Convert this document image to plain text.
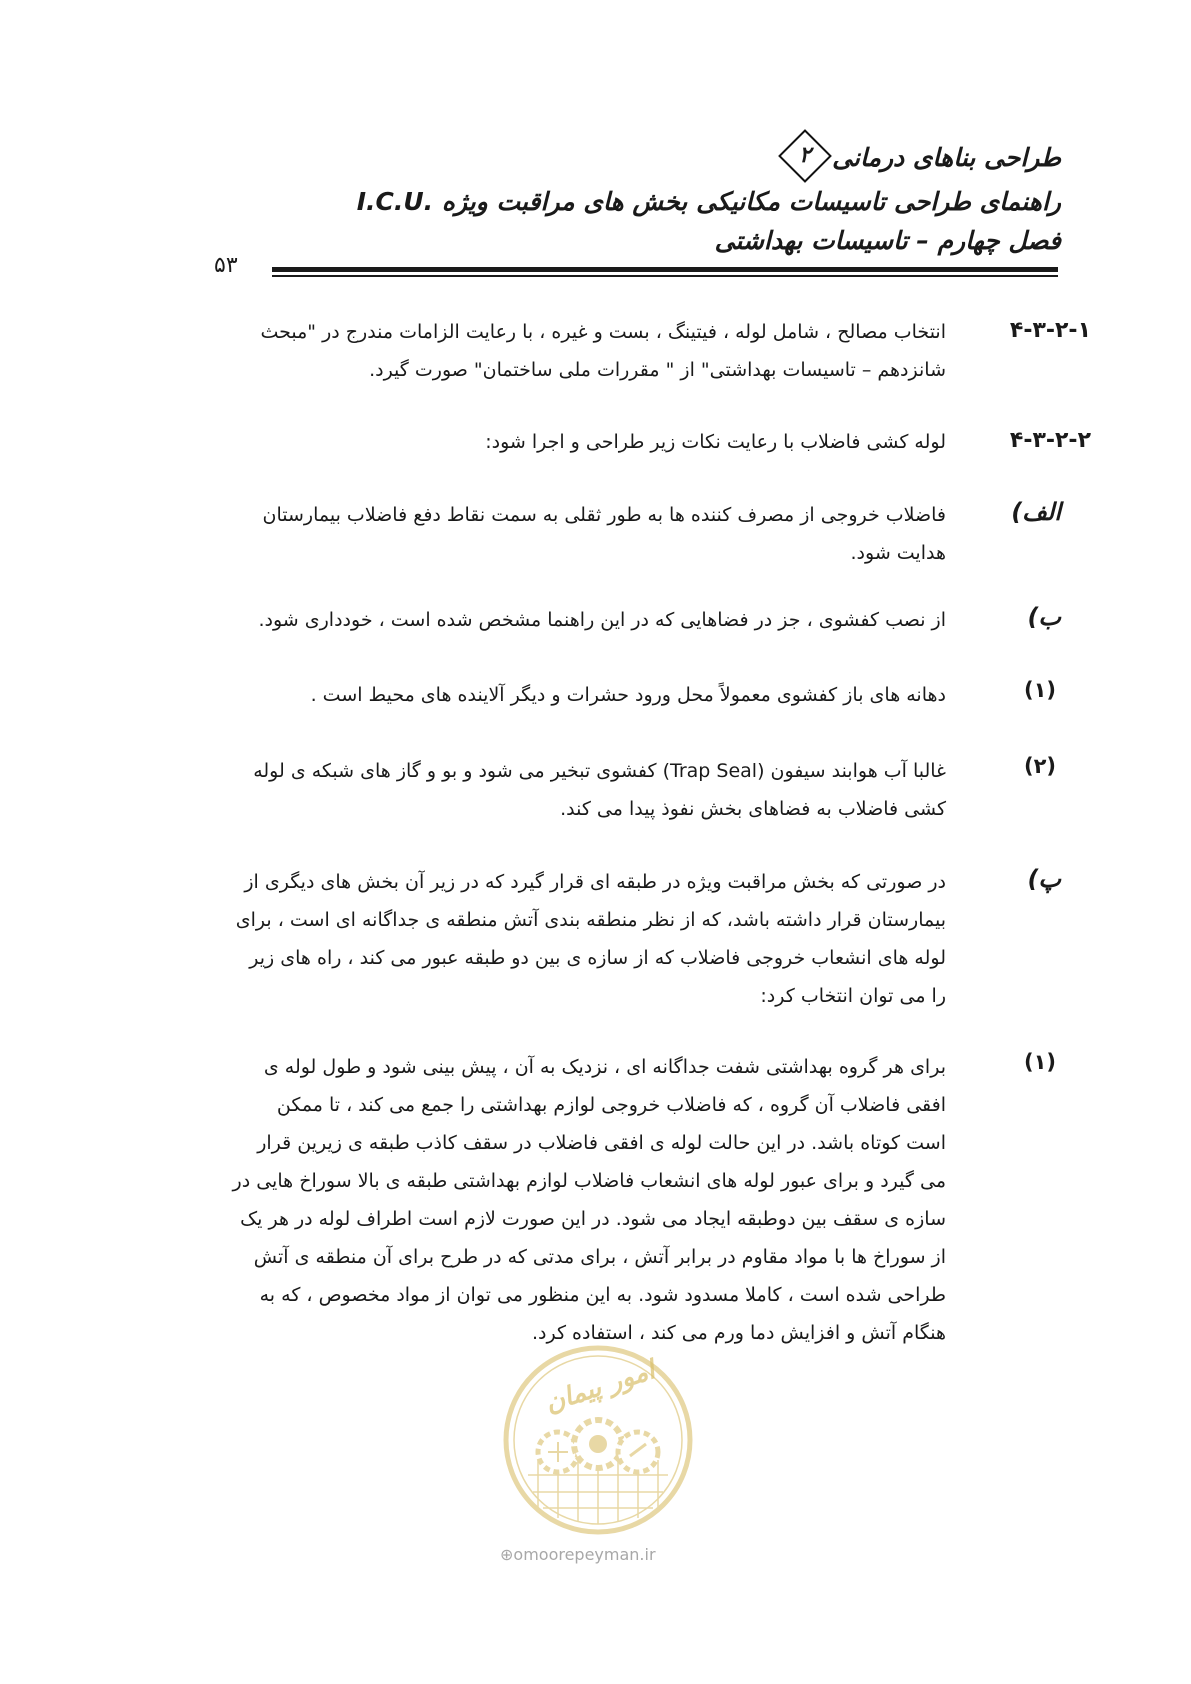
طراحی بناهای درمانی
۲
راهنمای طراحی تاسیسات مکانیکی بخش های مراقبت ویژه .I.C.U
فصل چهارم – تاسیسات بهداشتی
۵۳
۴-۳-۲-۱
انتخاب مصالح ، شامل لوله ، فیتینگ ، بست و غیره ، با رعایت الزامات مندرج در "مبحث شانزدهم – تاسیسات بهداشتی" از " مقررات ملی ساختمان" صورت گیرد.
۴-۳-۲-۲
لوله کشی فاضلاب با رعایت نکات زیر طراحی و اجرا شود:
الف)
فاضلاب خروجی از مصرف کننده ها به طور ثقلی به سمت نقاط دفع فاضلاب بیمارستان هدایت شود.
ب)
از نصب کفشوی ، جز در فضاهایی که در این راهنما مشخص شده است ، خودداری شود.
(۱)
دهانه های باز کفشوی معمولاً محل ورود حشرات و دیگر آلاینده های محیط است .
(۲)
غالبا آب هوابند سیفون (Trap Seal) کفشوی تبخیر می شود و بو و گاز های شبکه ی لوله کشی فاضلاب به فضاهای بخش نفوذ پیدا می کند.
پ)
در صورتی که بخش مراقبت ویژه در طبقه ای قرار گیرد که در زیر آن بخش های دیگری از بیمارستان قرار داشته باشد، که از نظر منطقه بندی آتش منطقه ی جداگانه ای است ، برای لوله های انشعاب خروجی فاضلاب که از سازه ی بین دو طبقه عبور می کند ، راه های زیر را می توان انتخاب کرد:
(۱)
برای هر گروه بهداشتی شفت جداگانه ای ، نزدیک به آن ، پیش بینی شود و طول لوله ی افقی فاضلاب آن گروه ، که فاضلاب خروجی لوازم بهداشتی را جمع می کند ، تا ممکن است کوتاه باشد. در این حالت لوله ی افقی فاضلاب در سقف کاذب طبقه ی زیرین قرار می گیرد و برای عبور لوله های انشعاب فاضلاب لوازم بهداشتی طبقه ی بالا سوراخ هایی در سازه ی سقف بین دوطبقه ایجاد می شود. در این صورت لازم است اطراف لوله در هر یک از سوراخ ها با مواد مقاوم در برابر آتش ، برای مدتی که در طرح برای آن منطقه ی آتش طراحی شده است ، کاملا مسدود شود. به این منظور می توان از مواد مخصوص ، که به هنگام آتش و افزایش دما ورم می کند ، استفاده کرد.
امور پیمان
⊕omoorepeyman.ir
